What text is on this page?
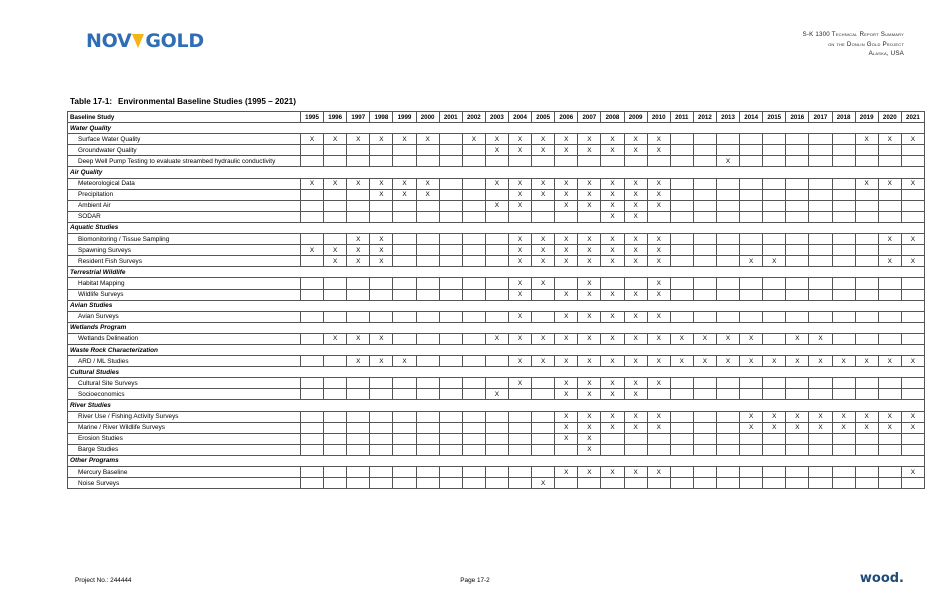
NOV GOLD	S-K 1300 Technical Report Summary
on the Donlin Gold Project
Alaska, USA
Table 17-1: Environmental Baseline Studies (1995 – 2021)
Baseline Study	1995	1996	1997	1998	1999	2000	2001	2002	2003	2004	2005	2006	2007	2008	2009	2010	2011	2012	2013	2014	2015	2016	2017	2018	2019	2020	2021
Water Quality																											
Surface Water Quality	X	X	X	X	X	X		X	X	X	X	X	X	X	X	X									X	X	X
Groundwater Quality									X	X	X	X	X	X	X	X											
Deep Well Pump Testing to evaluate streambed hydraulic conductivity																			X								
Air Quality																											
Meteorological Data	X	X	X	X	X	X			X	X	X	X	X	X	X	X									X	X	X
Precipitation				X	X	X				X	X	X	X	X	X	X											
Ambient Air									X	X		X	X	X	X	X											
SODAR														X	X												
Aquatic Studies																											
Biomonitoring / Tissue Sampling			X	X						X	X	X	X	X	X	X										X	X
Spawning Surveys	X	X	X	X						X	X	X	X	X	X	X											
Resident Fish Surveys		X	X	X						X	X	X	X	X	X	X				X	X					X	X
Terrestrial Wildlife																											
Habitat Mapping										X	X		X			X											
Wildlife Surveys										X		X	X	X	X	X											
Avian Studies																											
Avian Surveys										X		X	X	X	X	X											
Wetlands Program																											
Wetlands Delineation		X	X	X					X	X	X	X	X	X	X	X	X	X	X	X		X	X				
Waste Rock Characterization																											
ARD / ML Studies			X	X	X					X	X	X	X	X	X	X	X	X	X	X	X	X	X	X	X	X	X
Cultural Studies																											
Cultural Site Surveys										X		X	X	X	X	X											
Socioeconomics									X			X	X	X	X												
River Studies																											
River Use / Fishing Activity Surveys												X	X	X	X	X				X	X	X	X	X	X	X	X
Marine / River Wildlife Surveys												X	X	X	X	X				X	X	X	X	X	X	X	X
Erosion Studies												X	X														
Barge Studies													X														
Other Programs																											
Mercury Baseline												X	X	X	X	X											X
Noise Surveys											X																
Project No.: 244444	Page 17-2	wood.
